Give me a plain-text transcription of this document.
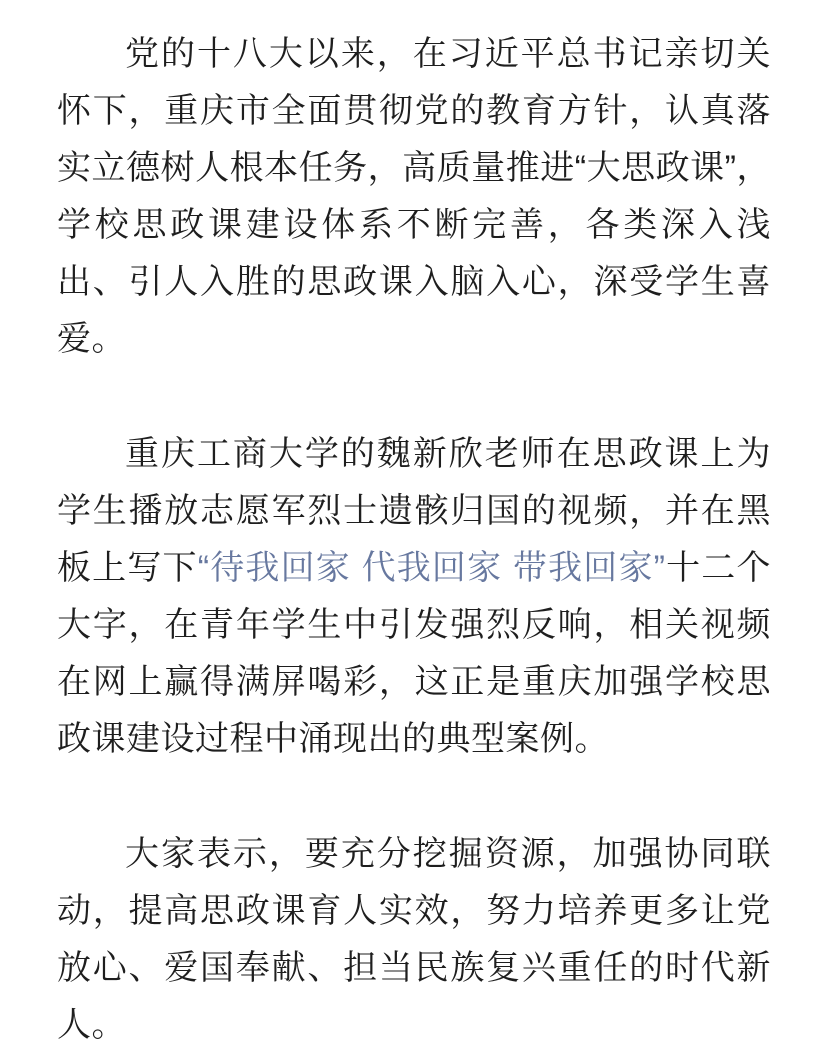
党的十八大以来，在习近平总书记亲切关怀下，重庆市全面贯彻党的教育方针，认真落实立德树人根本任务，高质量推进“大思政课”，学校思政课建设体系不断完善，各类深入浅出、引人入胜的思政课入脑入心，深受学生喜爱。

重庆工商大学的魏新欣老师在思政课上为学生播放志愿军烈士遗骸归国的视频，并在黑板上写下“待我回家 代我回家 带我回家”十二个大字，在青年学生中引发强烈反响，相关视频在网上赢得满屏喝彩，这正是重庆加强学校思政课建设过程中涌现出的典型案例。

大家表示，要充分挖掘资源，加强协同联动，提高思政课育人实效，努力培养更多让党放心、爱国奉献、担当民族复兴重任的时代新人。
